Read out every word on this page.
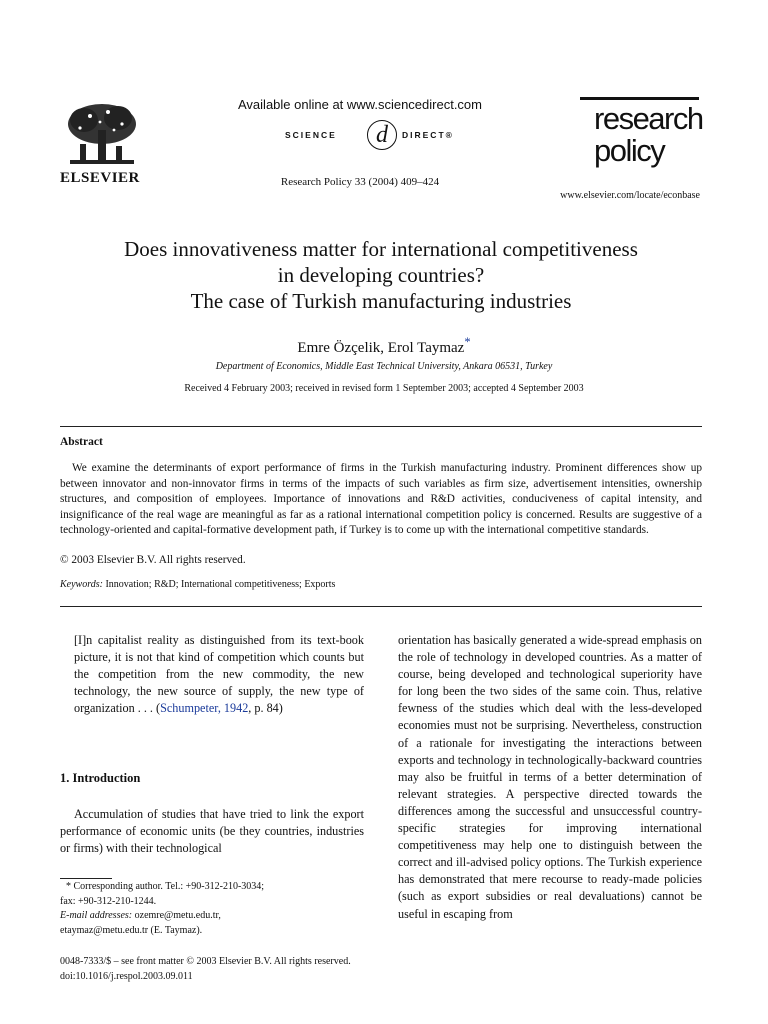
ELSEVIER
Available online at www.sciencedirect.com
SCIENCE	d	DIRECT®
Research Policy 33 (2004) 409–424
research
policy
www.elsevier.com/locate/econbase
Does innovativeness matter for international competitiveness
in developing countries?
The case of Turkish manufacturing industries
Emre Özçelik, Erol Taymaz*
Department of Economics, Middle East Technical University, Ankara 06531, Turkey
Received 4 February 2003; received in revised form 1 September 2003; accepted 4 September 2003
Abstract

We examine the determinants of export performance of firms in the Turkish manufacturing industry. Prominent differences show up between innovator and non-innovator firms in terms of the impacts of such variables as firm size, advertisement intensities, ownership structures, and composition of employees. Importance of innovations and R&D activities, conduciveness of capital intensity, and insignificance of the real wage are meaningful as far as a rational international competition policy is concerned. Results are suggestive of a technology-oriented and capital-formative development path, if Turkey is to come up with the international competitive standards.

© 2003 Elsevier B.V. All rights reserved.
Keywords: Innovation; R&D; International competitiveness; Exports
[I]n capitalist reality as distinguished from its text-book picture, it is not that kind of competition which counts but the competition from the new commodity, the new technology, the new source of supply, the new type of organization . . . (Schumpeter, 1942, p. 84)
1. Introduction
Accumulation of studies that have tried to link the export performance of economic units (be they countries, industries or firms) with their technological
* Corresponding author. Tel.: +90-312-210-3034;
fax: +90-312-210-1244.
E-mail addresses: ozemre@metu.edu.tr,
etaymaz@metu.edu.tr (E. Taymaz).
orientation has basically generated a wide-spread emphasis on the role of technology in developed countries. As a matter of course, being developed and technological superiority have for long been the two sides of the same coin. Thus, relative fewness of the studies which deal with the less-developed economies must not be surprising. Nevertheless, construction of a rationale for investigating the interactions between exports and technology in technologically-backward countries may also be fruitful in terms of a better determination of relevant strategies. A perspective directed towards the differences among the successful and unsuccessful country-specific strategies for improving international competitiveness may help one to distinguish between the correct and ill-advised policy options. The Turkish experience has demonstrated that mere recourse to ready-made policies (such as export subsidies or real devaluations) cannot be useful in escaping from
0048-7333/$ – see front matter © 2003 Elsevier B.V. All rights reserved.
doi:10.1016/j.respol.2003.09.011
